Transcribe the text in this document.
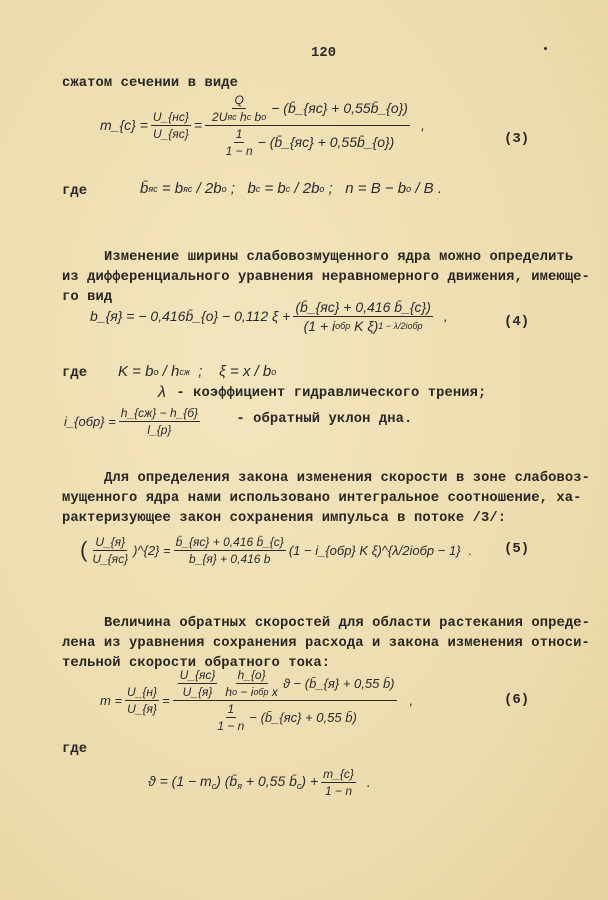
120
сжатом сечении в виде
m_{c} = $\frac{U\_\{нс\}}{U\_\{яс\}} = \frac{\frac{Q}{\text{2U яс h c b o}} - (b̄\_\{яс\} + 0,55b̄\_\{o\})}{\frac{1}{1 - n} - (b̄\_\{яс\} + 0,55b̄\_\{o\})}$ ,
(3)
где	b̄ яс = b яс / 2b o ;   b c = b c / 2b o ;   n = B − b o / B .

Изменение ширины слабовозмущенного ядра можно определить
из дифференциального уравнения неравномерного движения, имеюще-
го вид
b_{я} = − 0,416b̄_{o} − 0,112 $\xi + \frac{(b̄\_\{яс\} + 0,416 b̄\_\{c\})}{\text{(1 + i обр K ξ) 1 − λ/2iобр}}$ ,	(4)
где K = b o / h сж ;    ξ = x / b o
λ - коэффициент гидравлического трения;
i_{обр} = $\frac{h\_\{сж\} - h\_\{б\}}{l\_\{р\}}$ - обратный уклон дна.

Для определения закона изменения скорости в зоне слабовоз-
мущенного ядра нами использовано интегральное соотношение, ха-
рактеризующее закон сохранения импульса в потоке /3/:
( $\frac{U\_\{я\}}{U\_\{яс\}}$ )^{2} = $\frac{b̄\_\{яс\} + 0,416 b̄\_\{c\}}{b\_\{я\} + 0,416 b} (1$ − i_{обр} K ξ)^{λ/2iобр − 1} . (5)

Величина обратных скоростей для области растекания опреде-
лена из уравнения сохранения расхода и закона изменения относи-
тельной скорости обратного тока:
$m = \frac{U\_\{н\}}{U\_\{я\}}$ =
$\frac{U\_\{яс\}}{U\_\{я\}} \frac{h\_\{o\}}{\text{h o − i обр x}}$ ϑ − (b̄_{я} + 0,55 b̄)
$\frac{1}{1 - n}$ − (b̄_{яс} + 0,55 b̄)
,	(6)
где
$ϑ = (1 - m_c)$ ($b̄_я + 0,55$ $b̄_c) + \frac{m\_\{c\}}{1 - n}$ .
